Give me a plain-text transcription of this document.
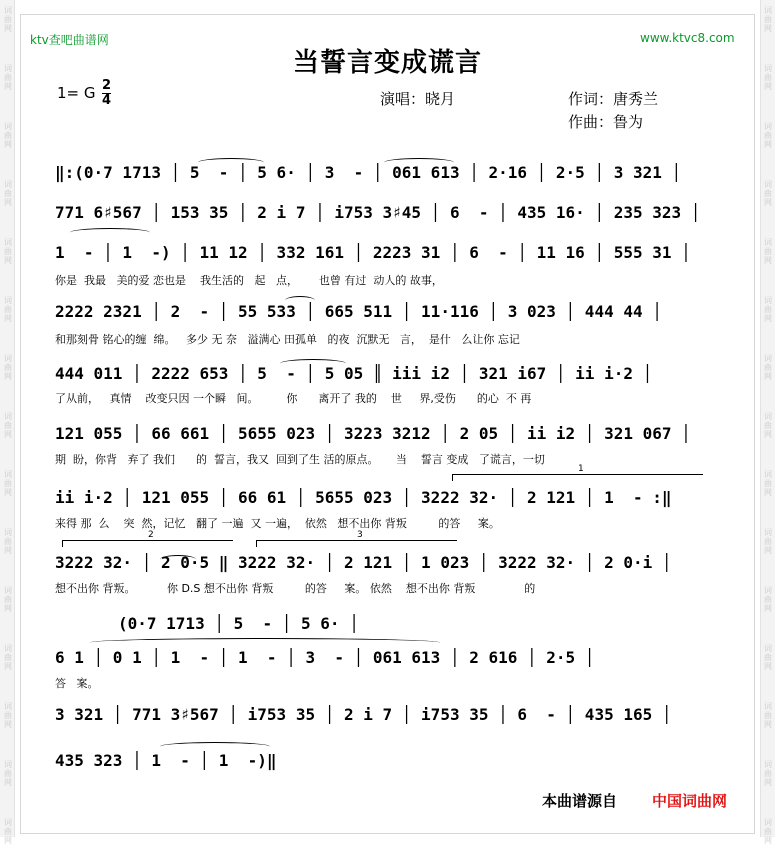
词
曲
网
词
曲
网
词
曲
网
词
曲
网
词
曲
网
词
曲
网
词
曲
网
词
曲
网
词
曲
网
词
曲
网
词
曲
网
词
曲
网
词
曲
网
词
曲
网
词
曲
网
词
曲
网
词
曲
网
词
曲
网
词
曲
网
词
曲
网
词
曲
网
词
曲
网
词
曲
网
词
曲
网
词
曲
网
词
曲
网
词
曲
网
词
曲
网
词
曲
网
词
曲
网
ktv查吧曲谱网	www.ktvc8.com
当誓言变成谎言
1= G 2
4	演唱：晓月	作词：唐秀兰
作曲：鲁为
1
2	3
‖:(0·7 1713 │ 5  - │ 5 6· │ 3  - │ 061 613 │ 2·16 │ 2·5 │ 3 321 │
771 6♯567 │ 153 35 │ 2 i 7 │ i753 3♯45 │ 6  - │ 435 16· │ 235 323 │
1  - │ 1  -) │ 11 12 │ 332 161 │ 2223 31 │ 6  - │ 11 16 │ 555 31 │
你是  我最   美的爱 恋也是    我生活的   起   点，      也曾 有过  动人的 故事，
2222 2321 │ 2  - │ 55 533 │ 665 511 │ 11·116 │ 3 023 │ 444 44 │
和那刻骨 铭心的缠  绵。   多少 无 奈   溢满心 田孤单   的夜  沉默无   言，  是什   么让你 忘记
444 011 │ 2222 653 │ 5  - │ 5 05 ║ iii i2 │ 321 i67 │ ii i·2 │
了从前，   真情    改变只因 一个瞬   间。        你      离开了 我的    世     界,受伤      的心  不 再
121 055 │ 66 661 │ 5655 023 │ 3223 3212 │ 2 05 │ ii i2 │ 321 067 │
期  盼，你背   弃了 我们      的  誓言，我又  回到了生 活的原点。     当    誓言 变成   了谎言，一切
ii i·2 │ 121 055 │ 66 61 │ 5655 023 │ 3222 32· │ 2 121 │ 1  - :‖
来得 那  么    突  然，记忆   翻了 一遍  又 一遍，  依然   想不出你 背叛         的答     案。
3222 32· │ 2 0·5 ‖ 3222 32· │ 2 121 │ 1 023 │ 3222 32· │ 2 0·i │
想不出你 背叛。         你 D.S 想不出你 背叛         的答     案。 依然    想不出你 背叛              的
(0·7 1713 │ 5  - │ 5 6· │
6 1 │ 0 1 │ 1  - │ 1  - │ 3  - │ 061 613 │ 2 616 │ 2·5 │
答   案。
3 321 │ 771 3♯567 │ i753 35 │ 2 i 7 │ i753 35 │ 6  - │ 435 165 │
435 323 │ 1  - │ 1  -)‖
本曲谱源自 中国词曲网
